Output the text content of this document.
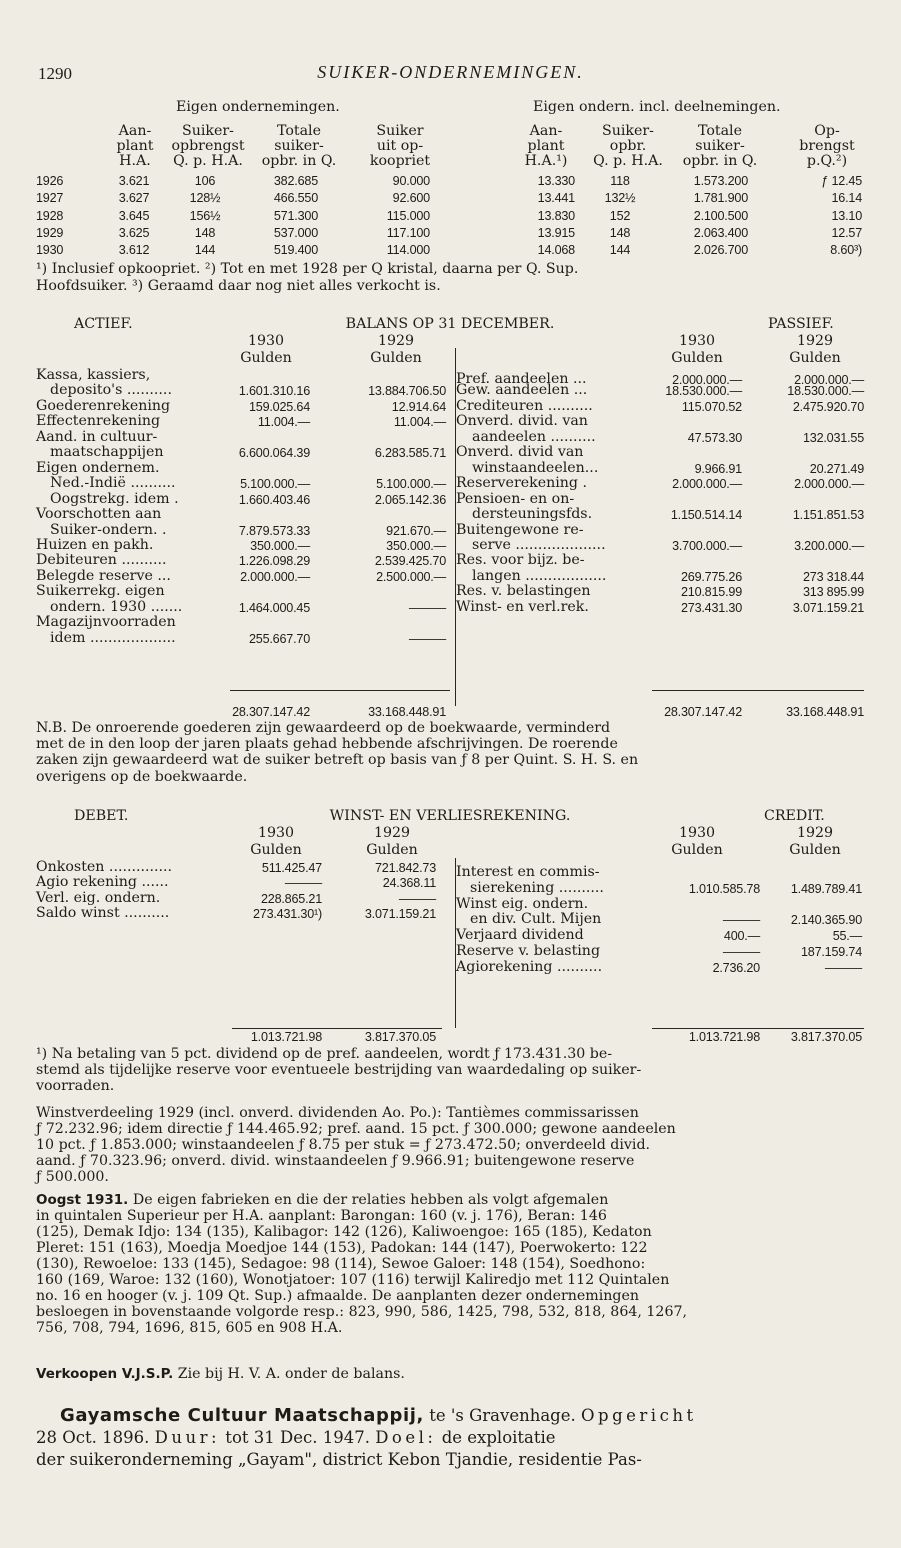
1290	SUIKER-ONDERNEMINGEN.
Eigen ondernemingen.	Eigen ondern. incl. deelnemingen.
Aan-	Aan-
Suiker-	Suiker-
Totale	Totale
Suiker	Op-
plant	plant
opbrengst	opbr.
suiker-	suiker-
uit op-	brengst
H.A.	H.A.¹)
Q. p. H.A.	Q. p. H.A.
opbr. in Q.	opbr. in Q.
koopriet	p.Q.²)
1926	3.621	106	382.685	90.000	13.330	118	1.573.200	ƒ 12.45
1927	3.627	128½	466.550	92.600	13.441	132½	1.781.900	16.14
1928	3.645	156½	571.300	115.000	13.830	152	2.100.500	13.10
1929	3.625	148	537.000	117.100	13.915	148	2.063.400	12.57
1930	3.612	144	519.400	114.000	14.068	144	2.026.700	8.60³)
¹) Inclusief opkoopriet. ²) Tot en met 1928 per Q kristal, daarna per Q. Sup.
Hoofdsuiker. ³) Geraamd daar nog niet alles verkocht is.
ACTIEF.	BALANS OP 31 DECEMBER.	PASSIEF.
1930	1929
Gulden	Gulden
1930	1929
Gulden	Gulden
Kassa, kassiers,
deposito's ..........	1.601.310.16	13.884.706.50
Goederenrekening	159.025.64	12.914.64
Effectenrekening	11.004.—	11.004.—
Aand. in cultuur-
maatschappijen	6.600.064.39	6.283.585.71
Eigen ondernem.
Ned.-Indië ..........	5.100.000.—	5.100.000.—
Oogstrekg. idem .	1.660.403.46	2.065.142.36
Voorschotten aan
Suiker-ondern. .	7.879.573.33	921.670.—
Huizen en pakh.	350.000.—	350.000.—
Debiteuren ..........	1.226.098.29	2.539.425.70
Belegde reserve ...	2.000.000.—	2.500.000.—
Suikerrekg. eigen
ondern. 1930 .......	1.464.000.45	———
Magazijnvoorraden
idem ...................	255.667.70	———
Pref. aandeelen ...	2.000.000.—	2.000.000.—
Gew. aandeelen ...	18.530.000.—	18.530.000.—
Crediteuren ..........	115.070.52	2.475.920.70
Onverd. divid. van
aandeelen ..........	47.573.30	132.031.55
Onverd. divid van
winstaandeelen...	9.966.91	20.271.49
Reserverekening .	2.000.000.—	2.000.000.—
Pensioen- en on-
dersteuningsfds.	1.150.514.14	1.151.851.53
Buitengewone re-
serve ....................	3.700.000.—	3.200.000.—
Res. voor bijz. be-
langen ..................	269.775.26	273 318.44
Res. v. belastingen	210.815.99	313 895.99
Winst- en verl.rek.	273.431.30	3.071.159.21
28.307.147.42	33.168.448.91	28.307.147.42	33.168.448.91
N.B. De onroerende goederen zijn gewaardeerd op de boekwaarde, verminderd
met de in den loop der jaren plaats gehad hebbende afschrijvingen. De roerende
zaken zijn gewaardeerd wat de suiker betreft op basis van ƒ 8 per Quint. S. H. S. en
overigens op de boekwaarde.
DEBET.	WINST- EN VERLIESREKENING.	CREDIT.
1930	1929
Gulden	Gulden
1930	1929
Gulden	Gulden
Onkosten ..............	511.425.47	721.842.73
Agio rekening ......	———	24.368.11
Verl. eig. ondern.	228.865.21	———
Saldo winst ..........	273.431.30¹)	3.071.159.21
Interest en commis-
sierekening ..........	1.010.585.78	1.489.789.41
Winst eig. ondern.
en div. Cult. Mijen	———	2.140.365.90
Verjaard dividend	400.—	55.—
Reserve v. belasting	———	187.159.74
Agiorekening ..........	2.736.20	———
1.013.721.98	3.817.370.05	1.013.721.98	3.817.370.05
¹) Na betaling van 5 pct. dividend op de pref. aandeelen, wordt ƒ 173.431.30 be-
stemd als tijdelijke reserve voor eventueele bestrijding van waardedaling op suiker-
voorraden.
Winstverdeeling 1929 (incl. onverd. dividenden Ao. Po.): Tantièmes commissarissen
ƒ 72.232.96; idem directie ƒ 144.465.92; pref. aand. 15 pct. ƒ 300.000; gewone aandeelen
10 pct. ƒ 1.853.000; winstaandeelen ƒ 8.75 per stuk = ƒ 273.472.50; onverdeeld divid.
aand. ƒ 70.323.96; onverd. divid. winstaandeelen ƒ 9.966.91; buitengewone reserve
ƒ 500.000.
Oogst 1931. De eigen fabrieken en die der relaties hebben als volgt afgemalen
in quintalen Superieur per H.A. aanplant: Barongan: 160 (v. j. 176), Beran: 146
(125), Demak Idjo: 134 (135), Kalibagor: 142 (126), Kaliwoengoe: 165 (185), Kedaton
Pleret: 151 (163), Moedja Moedjoe 144 (153), Padokan: 144 (147), Poerwokerto: 122
(130), Rewoeloe: 133 (145), Sedagoe: 98 (114), Sewoe Galoer: 148 (154), Soedhono:
160 (169, Waroe: 132 (160), Wonotjatoer: 107 (116) terwijl Kaliredjo met 112 Quintalen
no. 16 en hooger (v. j. 109 Qt. Sup.) afmaalde. De aanplanten dezer ondernemingen
besloegen in bovenstaande volgorde resp.: 823, 990, 586, 1425, 798, 532, 818, 864, 1267,
756, 708, 794, 1696, 815, 605 en 908 H.A.
Verkoopen V.J.S.P. Zie bij H. V. A. onder de balans.
Gayamsche Cultuur Maatschappij, te 's Gravenhage. Opgericht
28 Oct. 1896. Duur: tot 31 Dec. 1947. Doel: de exploitatie
der suikeronderneming „Gayam", district Kebon Tjandie, residentie Pas-
